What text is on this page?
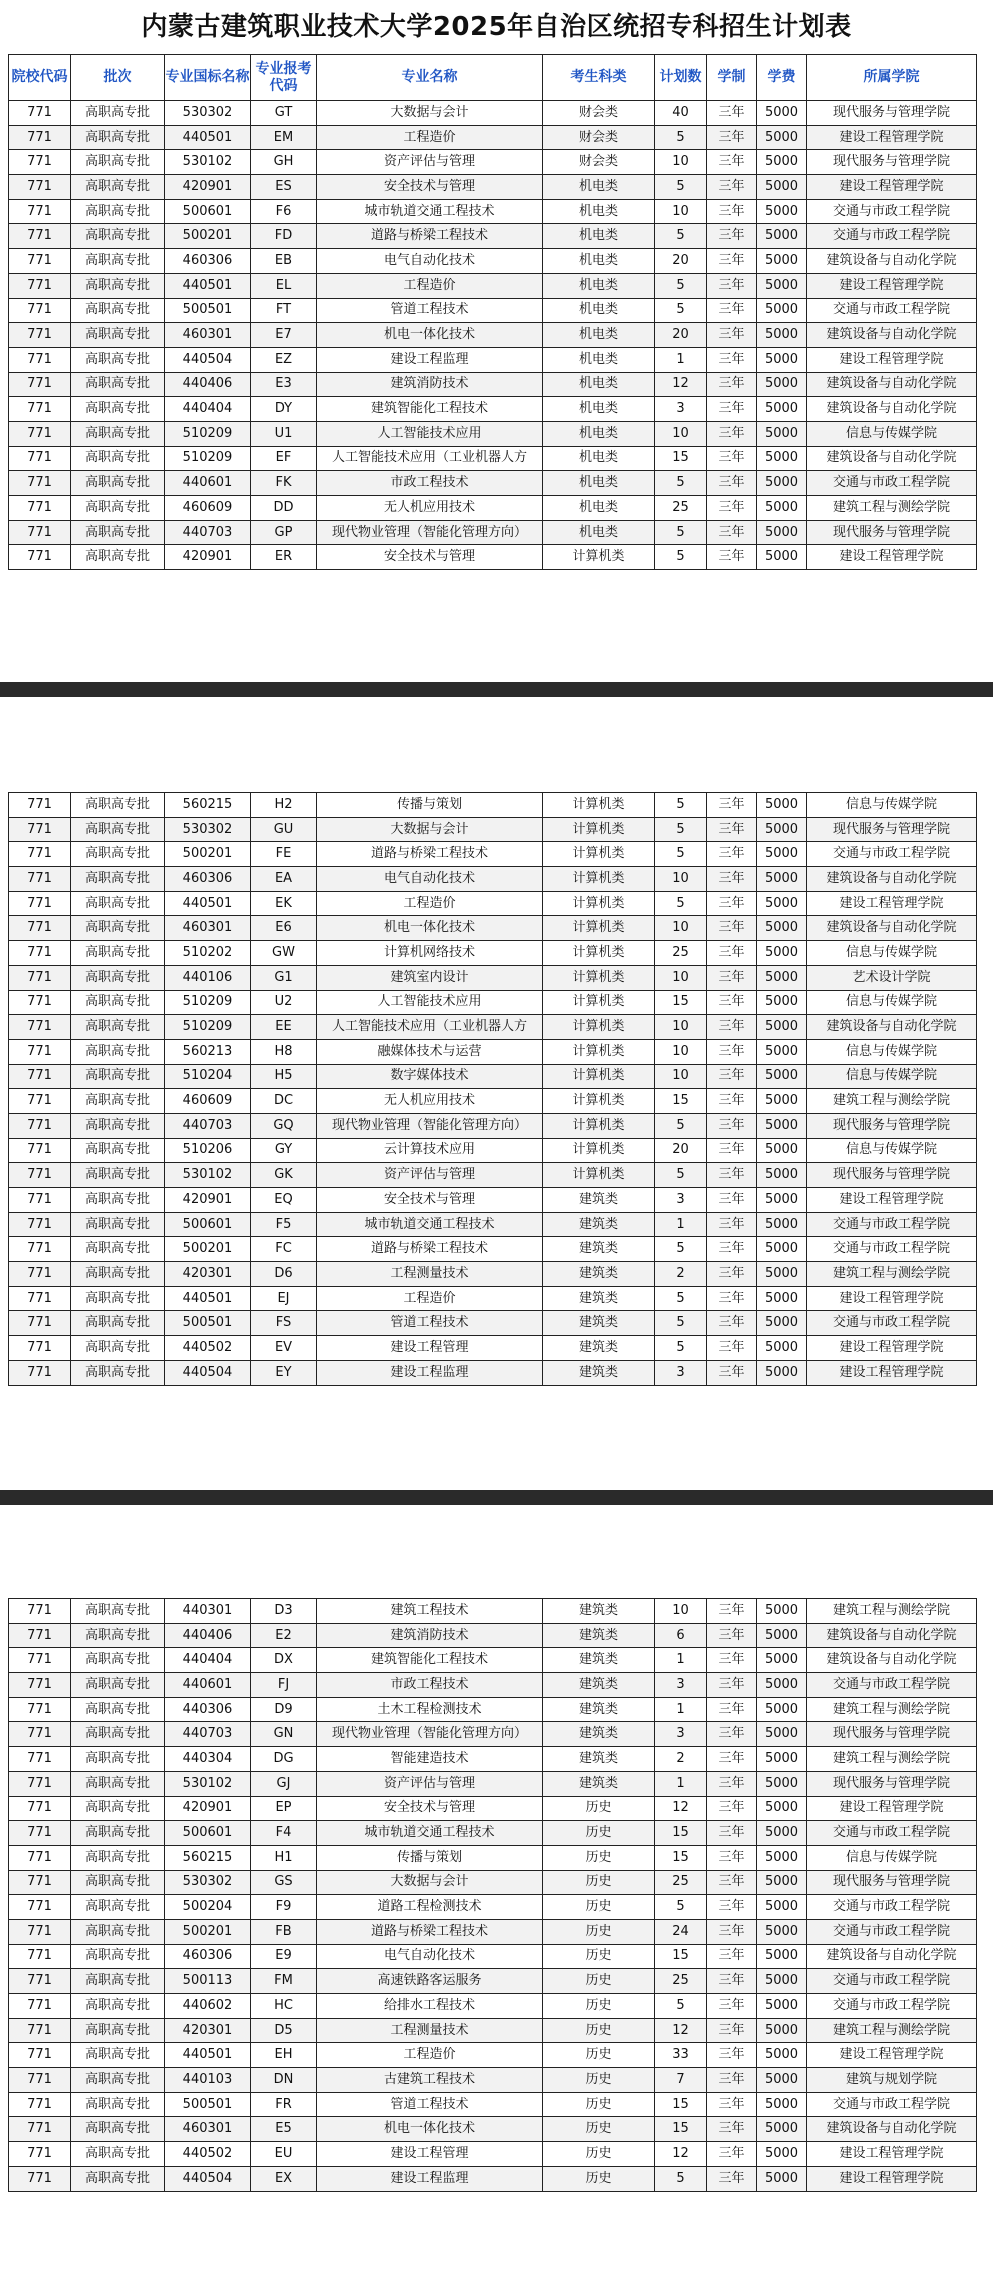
内蒙古建筑职业技术大学2025年自治区统招专科招生计划表
院校代码	批次	专业国标名称	专业报考代码	专业名称	考生科类	计划数	学制	学费	所属学院
771	高职高专批	530302	GT	大数据与会计	财会类	40	三年	5000	现代服务与管理学院
771	高职高专批	440501	EM	工程造价	财会类	5	三年	5000	建设工程管理学院
771	高职高专批	530102	GH	资产评估与管理	财会类	10	三年	5000	现代服务与管理学院
771	高职高专批	420901	ES	安全技术与管理	机电类	5	三年	5000	建设工程管理学院
771	高职高专批	500601	F6	城市轨道交通工程技术	机电类	10	三年	5000	交通与市政工程学院
771	高职高专批	500201	FD	道路与桥梁工程技术	机电类	5	三年	5000	交通与市政工程学院
771	高职高专批	460306	EB	电气自动化技术	机电类	20	三年	5000	建筑设备与自动化学院
771	高职高专批	440501	EL	工程造价	机电类	5	三年	5000	建设工程管理学院
771	高职高专批	500501	FT	管道工程技术	机电类	5	三年	5000	交通与市政工程学院
771	高职高专批	460301	E7	机电一体化技术	机电类	20	三年	5000	建筑设备与自动化学院
771	高职高专批	440504	EZ	建设工程监理	机电类	1	三年	5000	建设工程管理学院
771	高职高专批	440406	E3	建筑消防技术	机电类	12	三年	5000	建筑设备与自动化学院
771	高职高专批	440404	DY	建筑智能化工程技术	机电类	3	三年	5000	建筑设备与自动化学院
771	高职高专批	510209	U1	人工智能技术应用	机电类	10	三年	5000	信息与传媒学院
771	高职高专批	510209	EF	人工智能技术应用（工业机器人方	机电类	15	三年	5000	建筑设备与自动化学院
771	高职高专批	440601	FK	市政工程技术	机电类	5	三年	5000	交通与市政工程学院
771	高职高专批	460609	DD	无人机应用技术	机电类	25	三年	5000	建筑工程与测绘学院
771	高职高专批	440703	GP	现代物业管理（智能化管理方向）	机电类	5	三年	5000	现代服务与管理学院
771	高职高专批	420901	ER	安全技术与管理	计算机类	5	三年	5000	建设工程管理学院
771	高职高专批	560215	H2	传播与策划	计算机类	5	三年	5000	信息与传媒学院
771	高职高专批	530302	GU	大数据与会计	计算机类	5	三年	5000	现代服务与管理学院
771	高职高专批	500201	FE	道路与桥梁工程技术	计算机类	5	三年	5000	交通与市政工程学院
771	高职高专批	460306	EA	电气自动化技术	计算机类	10	三年	5000	建筑设备与自动化学院
771	高职高专批	440501	EK	工程造价	计算机类	5	三年	5000	建设工程管理学院
771	高职高专批	460301	E6	机电一体化技术	计算机类	10	三年	5000	建筑设备与自动化学院
771	高职高专批	510202	GW	计算机网络技术	计算机类	25	三年	5000	信息与传媒学院
771	高职高专批	440106	G1	建筑室内设计	计算机类	10	三年	5000	艺术设计学院
771	高职高专批	510209	U2	人工智能技术应用	计算机类	15	三年	5000	信息与传媒学院
771	高职高专批	510209	EE	人工智能技术应用（工业机器人方	计算机类	10	三年	5000	建筑设备与自动化学院
771	高职高专批	560213	H8	融媒体技术与运营	计算机类	10	三年	5000	信息与传媒学院
771	高职高专批	510204	H5	数字媒体技术	计算机类	10	三年	5000	信息与传媒学院
771	高职高专批	460609	DC	无人机应用技术	计算机类	15	三年	5000	建筑工程与测绘学院
771	高职高专批	440703	GQ	现代物业管理（智能化管理方向）	计算机类	5	三年	5000	现代服务与管理学院
771	高职高专批	510206	GY	云计算技术应用	计算机类	20	三年	5000	信息与传媒学院
771	高职高专批	530102	GK	资产评估与管理	计算机类	5	三年	5000	现代服务与管理学院
771	高职高专批	420901	EQ	安全技术与管理	建筑类	3	三年	5000	建设工程管理学院
771	高职高专批	500601	F5	城市轨道交通工程技术	建筑类	1	三年	5000	交通与市政工程学院
771	高职高专批	500201	FC	道路与桥梁工程技术	建筑类	5	三年	5000	交通与市政工程学院
771	高职高专批	420301	D6	工程测量技术	建筑类	2	三年	5000	建筑工程与测绘学院
771	高职高专批	440501	EJ	工程造价	建筑类	5	三年	5000	建设工程管理学院
771	高职高专批	500501	FS	管道工程技术	建筑类	5	三年	5000	交通与市政工程学院
771	高职高专批	440502	EV	建设工程管理	建筑类	5	三年	5000	建设工程管理学院
771	高职高专批	440504	EY	建设工程监理	建筑类	3	三年	5000	建设工程管理学院
771	高职高专批	440301	D3	建筑工程技术	建筑类	10	三年	5000	建筑工程与测绘学院
771	高职高专批	440406	E2	建筑消防技术	建筑类	6	三年	5000	建筑设备与自动化学院
771	高职高专批	440404	DX	建筑智能化工程技术	建筑类	1	三年	5000	建筑设备与自动化学院
771	高职高专批	440601	FJ	市政工程技术	建筑类	3	三年	5000	交通与市政工程学院
771	高职高专批	440306	D9	土木工程检测技术	建筑类	1	三年	5000	建筑工程与测绘学院
771	高职高专批	440703	GN	现代物业管理（智能化管理方向）	建筑类	3	三年	5000	现代服务与管理学院
771	高职高专批	440304	DG	智能建造技术	建筑类	2	三年	5000	建筑工程与测绘学院
771	高职高专批	530102	GJ	资产评估与管理	建筑类	1	三年	5000	现代服务与管理学院
771	高职高专批	420901	EP	安全技术与管理	历史	12	三年	5000	建设工程管理学院
771	高职高专批	500601	F4	城市轨道交通工程技术	历史	15	三年	5000	交通与市政工程学院
771	高职高专批	560215	H1	传播与策划	历史	15	三年	5000	信息与传媒学院
771	高职高专批	530302	GS	大数据与会计	历史	25	三年	5000	现代服务与管理学院
771	高职高专批	500204	F9	道路工程检测技术	历史	5	三年	5000	交通与市政工程学院
771	高职高专批	500201	FB	道路与桥梁工程技术	历史	24	三年	5000	交通与市政工程学院
771	高职高专批	460306	E9	电气自动化技术	历史	15	三年	5000	建筑设备与自动化学院
771	高职高专批	500113	FM	高速铁路客运服务	历史	25	三年	5000	交通与市政工程学院
771	高职高专批	440602	HC	给排水工程技术	历史	5	三年	5000	交通与市政工程学院
771	高职高专批	420301	D5	工程测量技术	历史	12	三年	5000	建筑工程与测绘学院
771	高职高专批	440501	EH	工程造价	历史	33	三年	5000	建设工程管理学院
771	高职高专批	440103	DN	古建筑工程技术	历史	7	三年	5000	建筑与规划学院
771	高职高专批	500501	FR	管道工程技术	历史	15	三年	5000	交通与市政工程学院
771	高职高专批	460301	E5	机电一体化技术	历史	15	三年	5000	建筑设备与自动化学院
771	高职高专批	440502	EU	建设工程管理	历史	12	三年	5000	建设工程管理学院
771	高职高专批	440504	EX	建设工程监理	历史	5	三年	5000	建设工程管理学院
